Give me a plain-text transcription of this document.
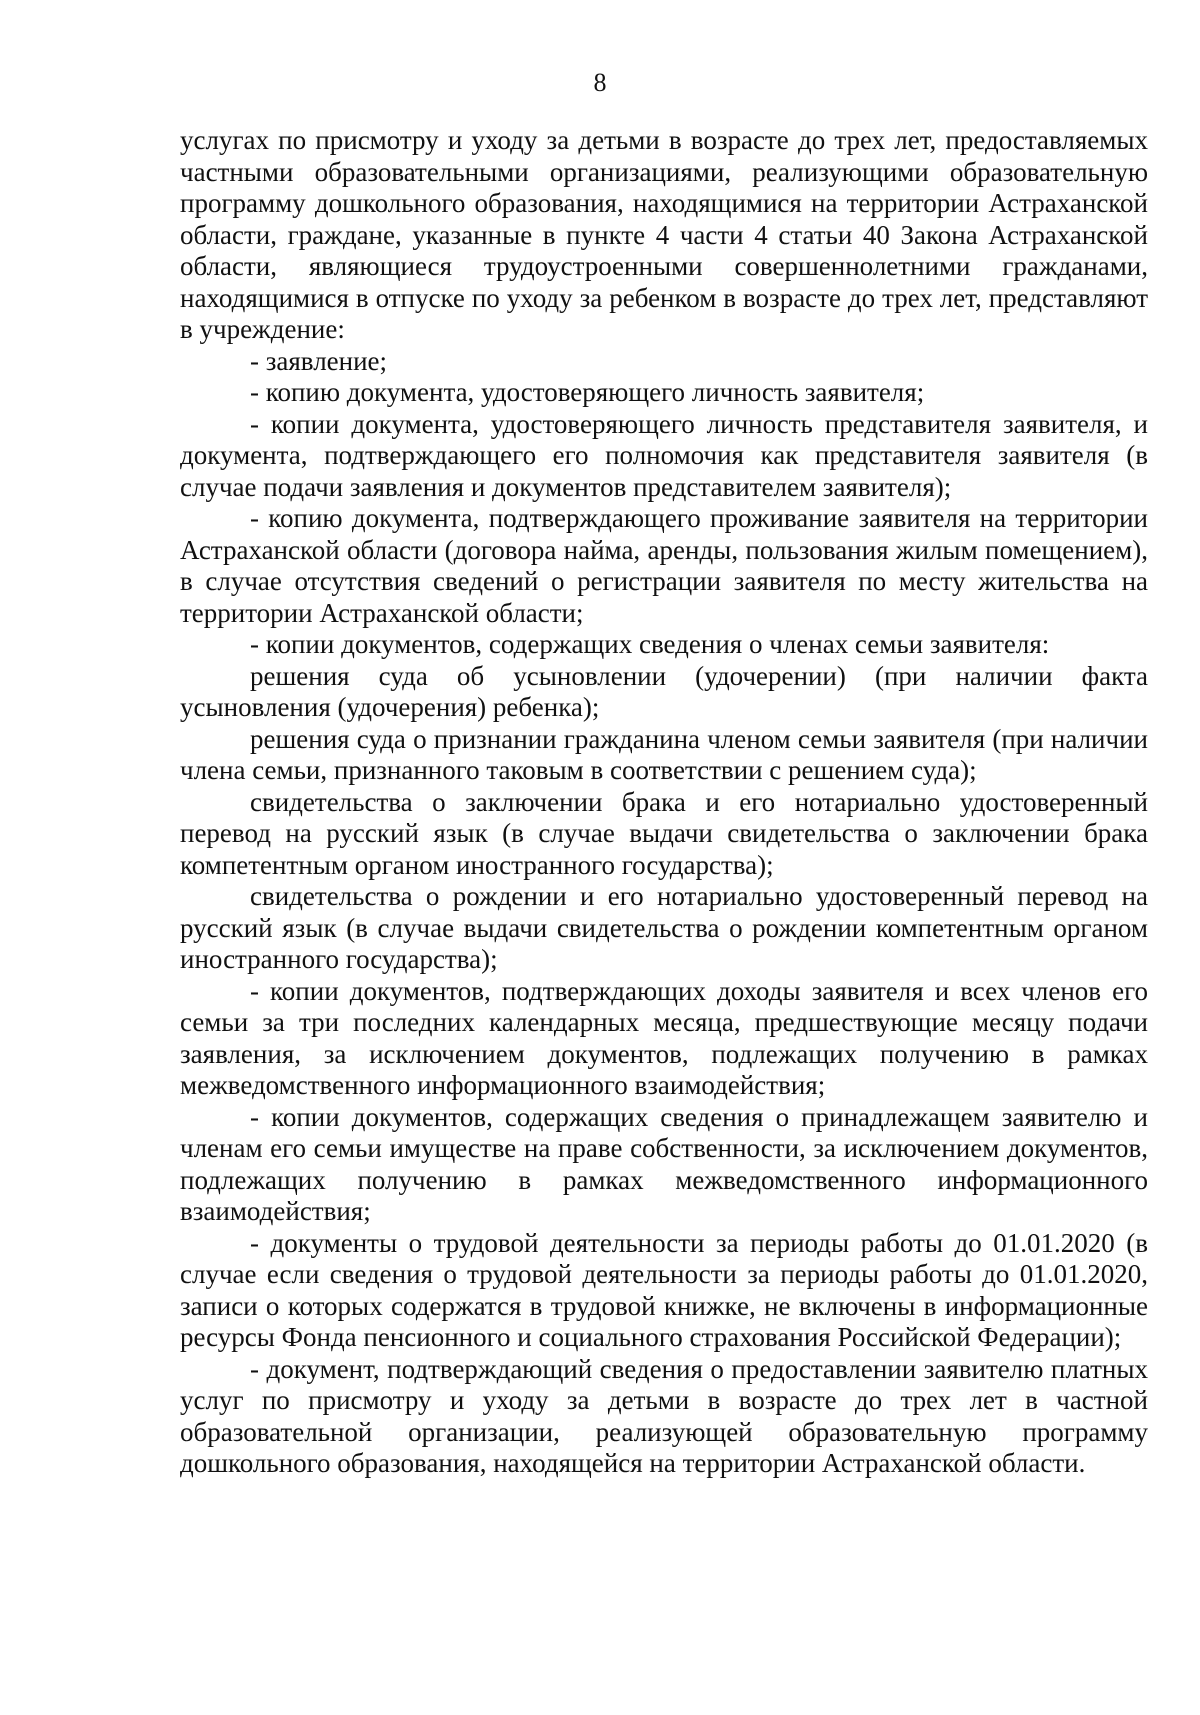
8

услугах по присмотру и уходу за детьми в возрасте до трех лет, предоставляемых частными образовательными организациями, реализующими образовательную программу дошкольного образования, находящимися на территории Астраханской области, граждане, указанные в пункте 4 части 4 статьи 40 Закона Астраханской области, являющиеся трудоустроенными совершеннолетними гражданами, находящимися в отпуске по уходу за ребенком в возрасте до трех лет, представляют в учреждение:

- заявление;

- копию документа, удостоверяющего личность заявителя;

- копии документа, удостоверяющего личность представителя заявителя, и документа, подтверждающего его полномочия как представителя заявителя (в случае подачи заявления и документов представителем заявителя);

- копию документа, подтверждающего проживание заявителя на территории Астраханской области (договора найма, аренды, пользования жилым помещением), в случае отсутствия сведений о регистрации заявителя по месту жительства на территории Астраханской области;

- копии документов, содержащих сведения о членах семьи заявителя:

решения суда об усыновлении (удочерении) (при наличии факта усыновления (удочерения) ребенка);

решения суда о признании гражданина членом семьи заявителя (при наличии члена семьи, признанного таковым в соответствии с решением суда);

свидетельства о заключении брака и его нотариально удостоверенный перевод на русский язык (в случае выдачи свидетельства о заключении брака компетентным органом иностранного государства);

свидетельства о рождении и его нотариально удостоверенный перевод на русский язык (в случае выдачи свидетельства о рождении компетентным органом иностранного государства);

- копии документов, подтверждающих доходы заявителя и всех членов его семьи за три последних календарных месяца, предшествующие месяцу подачи заявления, за исключением документов, подлежащих получению в рамках межведомственного информационного взаимодействия;

- копии документов, содержащих сведения о принадлежащем заявителю и членам его семьи имуществе на праве собственности, за исключением документов, подлежащих получению в рамках межведомственного информационного взаимодействия;

- документы о трудовой деятельности за периоды работы до 01.01.2020 (в случае если сведения о трудовой деятельности за периоды работы до 01.01.2020, записи о которых содержатся в трудовой книжке, не включены в информационные ресурсы Фонда пенсионного и социального страхования Российской Федерации);

- документ, подтверждающий сведения о предоставлении заявителю платных услуг по присмотру и уходу за детьми в возрасте до трех лет в частной образовательной организации, реализующей образовательную программу дошкольного образования, находящейся на территории Астраханской области.
